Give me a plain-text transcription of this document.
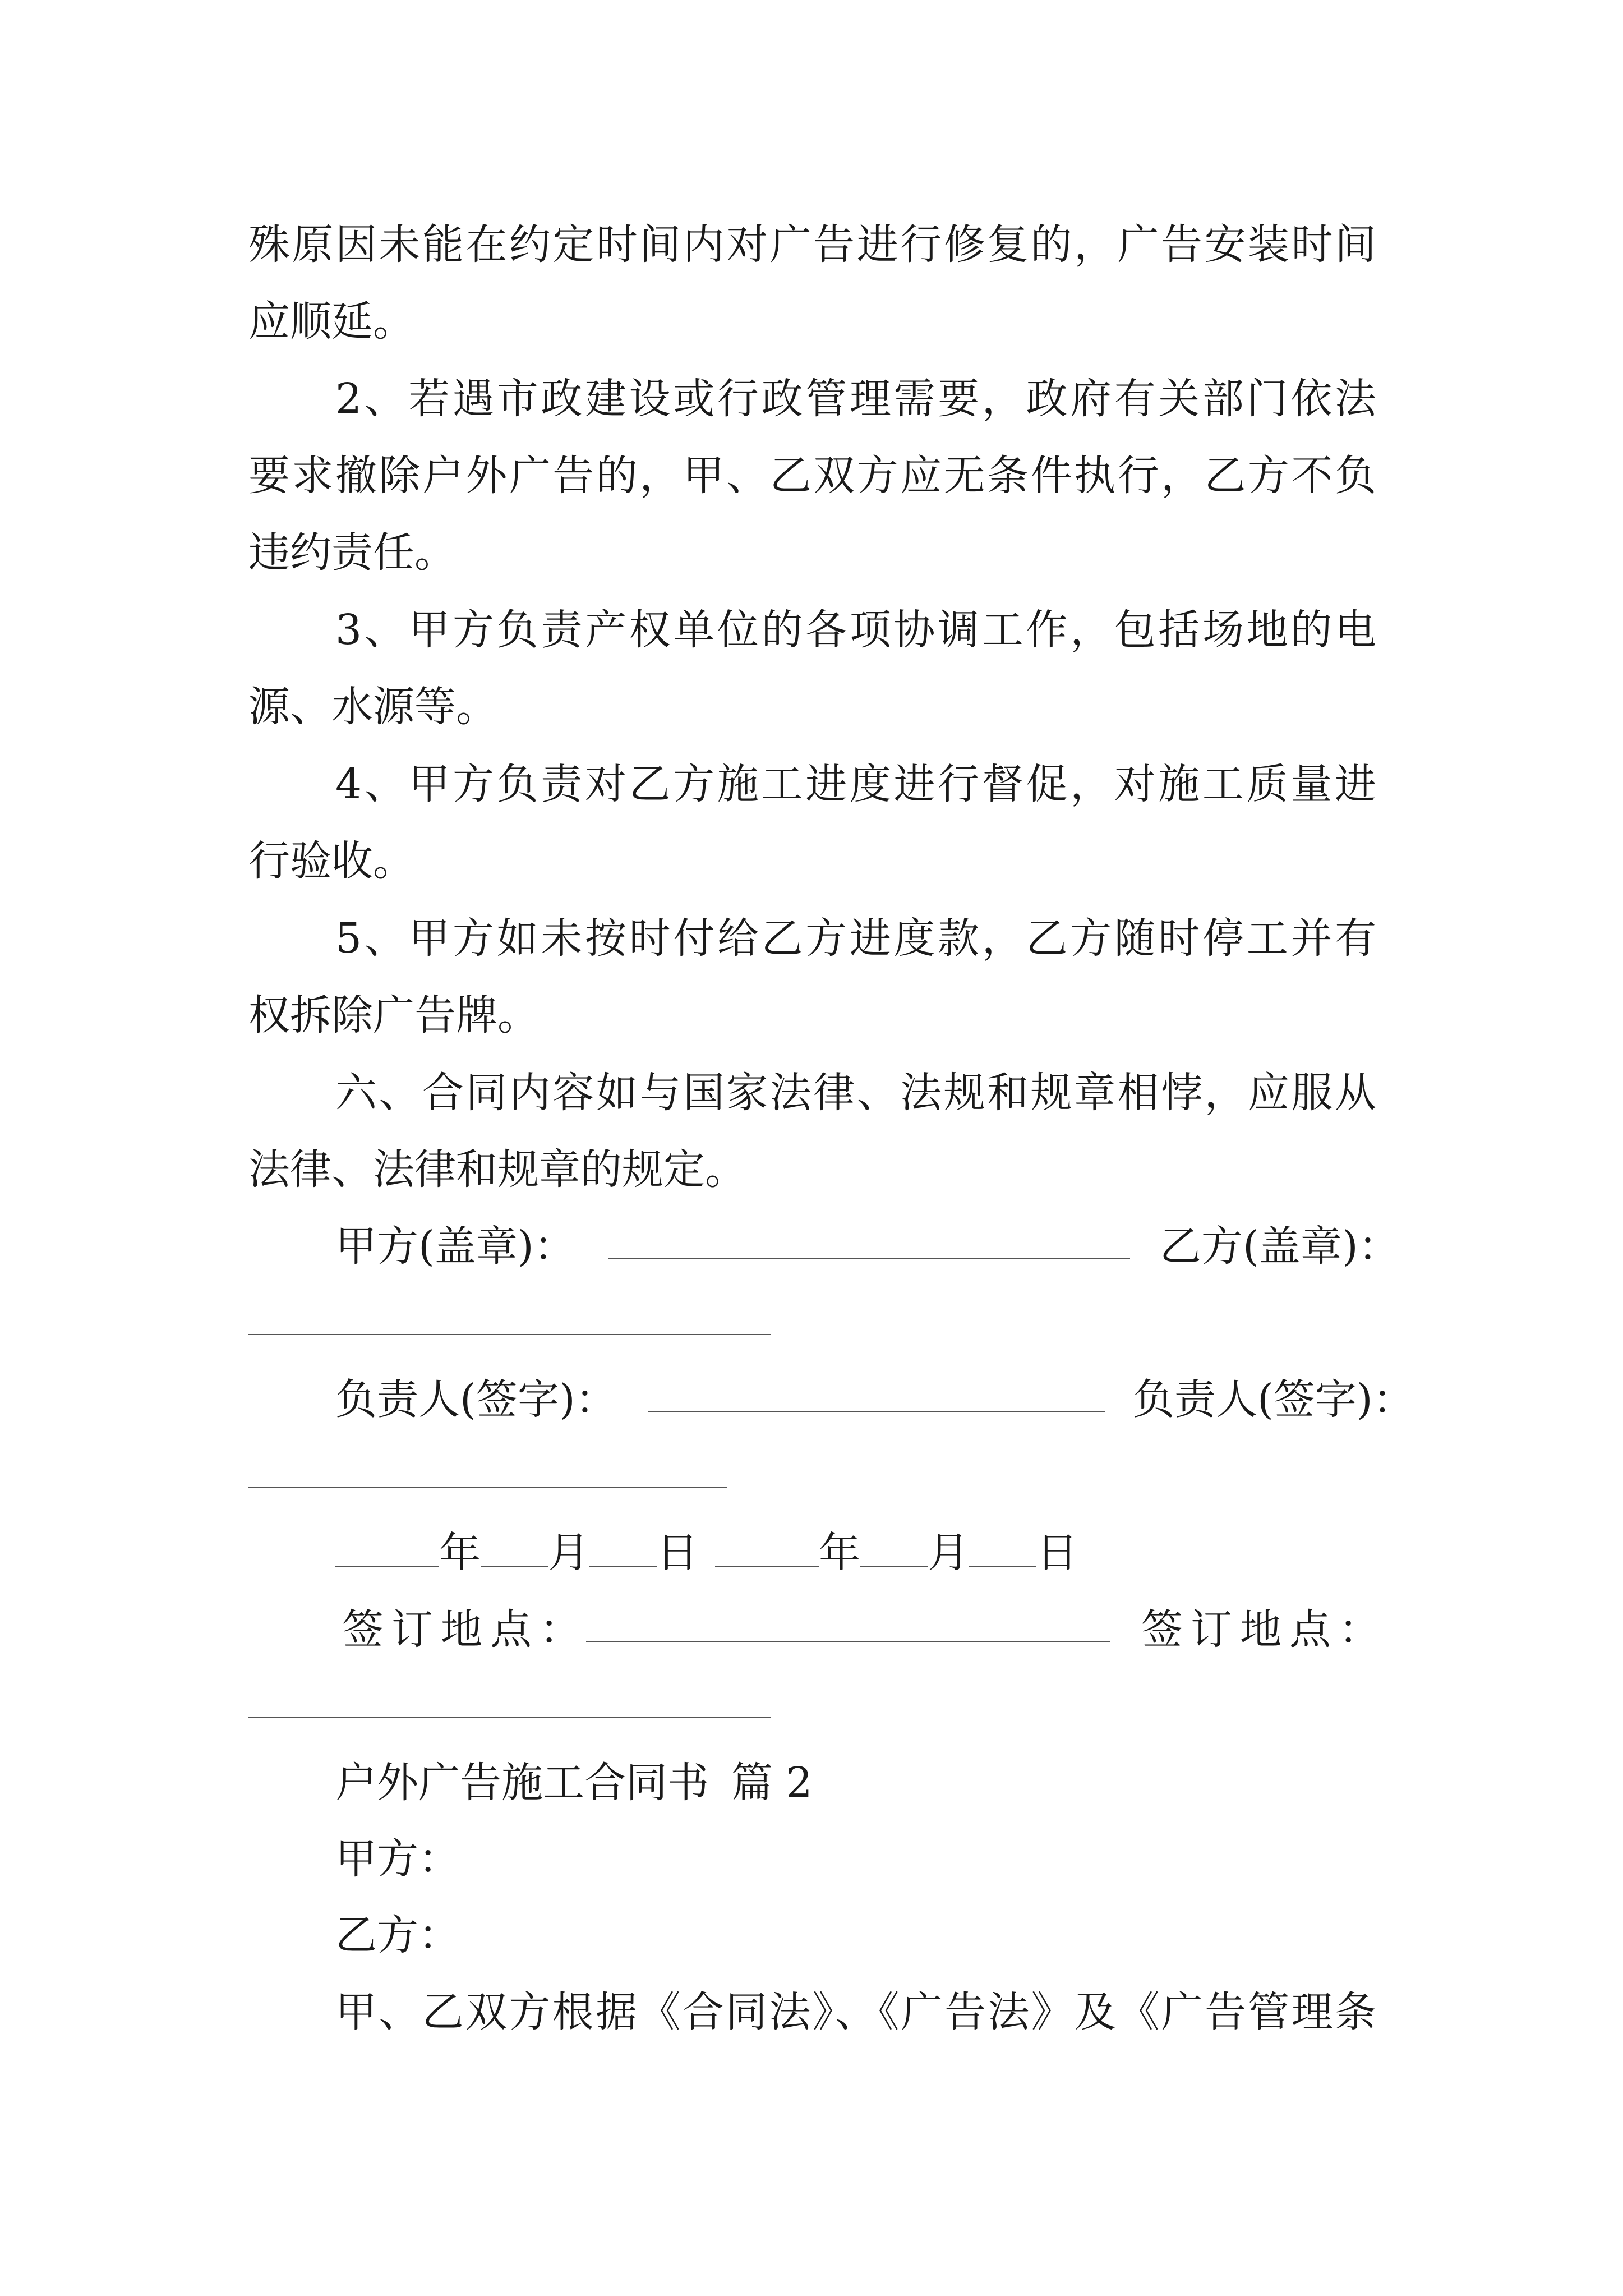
殊原因未能在约定时间内对广告进行修复的，广告安装时间
应顺延。
2、若遇市政建设或行政管理需要，政府有关部门依法
要求撤除户外广告的，甲、乙双方应无条件执行，乙方不负
违约责任。
3、甲方负责产权单位的各项协调工作，包括场地的电
源、水源等。
4、甲方负责对乙方施工进度进行督促，对施工质量进
行验收。
5、甲方如未按时付给乙方进度款，乙方随时停工并有
权拆除广告牌。
六、合同内容如与国家法律、法规和规章相悖，应服从
法律、法律和规章的规定。
甲方(盖章)：	乙方(盖章)：
负责人(签字)：	负责人(签字)：
年 月 日	年 月 日
签订地点：	签订地点：
户外广告施工合同书 篇 2
甲方：
乙方：
甲、乙双方根据《合同法》、《广告法》及《广告管理条
